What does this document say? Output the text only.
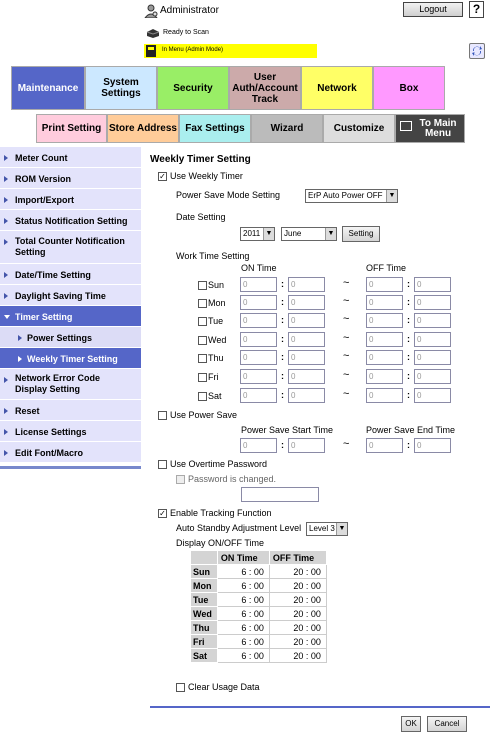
Administrator	Logout	?
Ready to Scan
In Menu (Admin Mode)
Maintenance	System Settings	Security
User Auth/Account Track
Network	Box
Print Setting Store Address Fax Settings	Wizard	Customize	To Main Menu
Meter Count
ROM Version
Import/Export
Status Notification Setting
Total Counter Notification Setting
Date/Time Setting
Daylight Saving Time
Timer Setting
Power Settings
Weekly Timer Setting
Network Error Code Display Setting
Reset
License Settings
Edit Font/Macro
Weekly Timer Setting
✓
Use Weekly Timer
Power Save Mode Setting	ErP Auto Power OFF ▼
Date Setting
2011 ▼	June	▼	Setting
Work Time Setting
ON Time	OFF Time
Sun	0	: 0	~	0	: 0
Mon	0	: 0	~	0	: 0
Tue	0	: 0	~	0	: 0
Wed	0	: 0	~	0	: 0
Thu	0	: 0	~	0	: 0
Fri	0	: 0	~	0	: 0
Sat	0	: 0	~	0	: 0
Use Power Save
Power Save Start Time	Power Save End Time
0	: 0	~	0	: 0
Use Overtime Password
Password is changed.
✓
Enable Tracking Function
Auto Standby Adjustment Level Level 3 ▼
Display ON/OFF Time
	ON Time	OFF Time
Sun	6 : 00	20 : 00
Mon	6 : 00	20 : 00
Tue	6 : 00	20 : 00
Wed	6 : 00	20 : 00
Thu	6 : 00	20 : 00
Fri	6 : 00	20 : 00
Sat	6 : 00	20 : 00
Clear Usage Data
OK	Cancel
